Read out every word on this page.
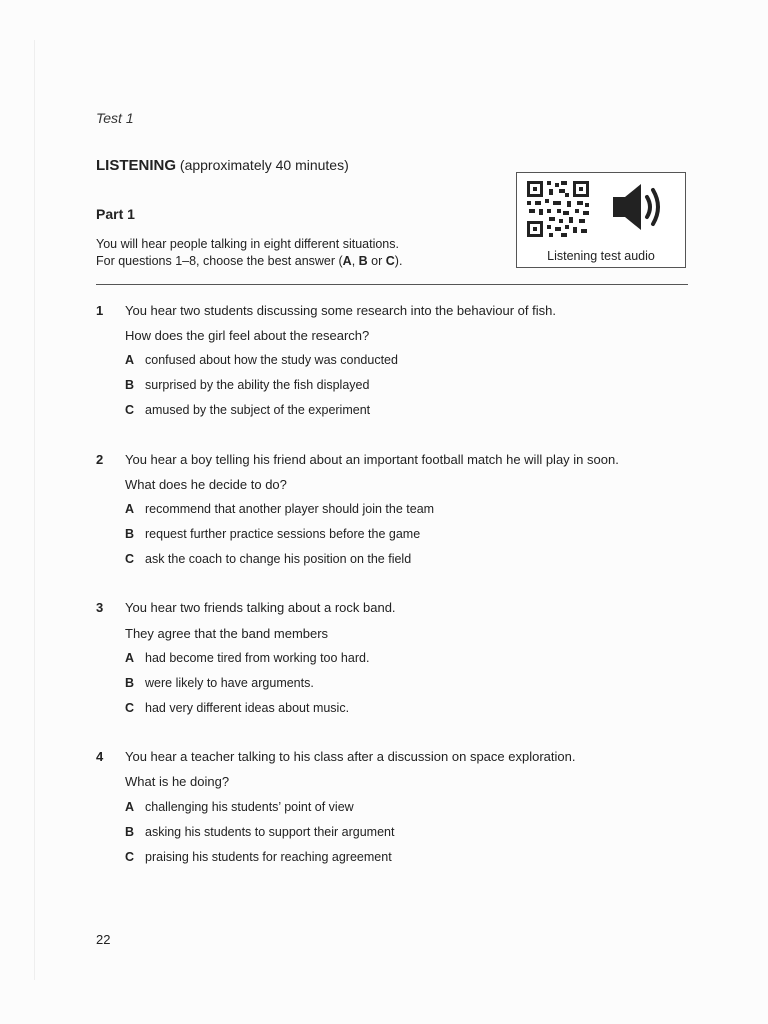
Test 1
LISTENING (approximately 40 minutes)
Part 1
You will hear people talking in eight different situations.
For questions 1–8, choose the best answer (A, B or C).	Listening test audio
1 You hear two students discussing some research into the behaviour of fish.
How does the girl feel about the research?
A confused about how the study was conducted
B surprised by the ability the fish displayed
C amused by the subject of the experiment
2 You hear a boy telling his friend about an important football match he will play in soon.
What does he decide to do?
A recommend that another player should join the team
B request further practice sessions before the game
C ask the coach to change his position on the field
3 You hear two friends talking about a rock band.
They agree that the band members
A had become tired from working too hard.
B were likely to have arguments.
C had very different ideas about music.
4 You hear a teacher talking to his class after a discussion on space exploration.
What is he doing?
A challenging his students’ point of view
B asking his students to support their argument
C praising his students for reaching agreement
22
